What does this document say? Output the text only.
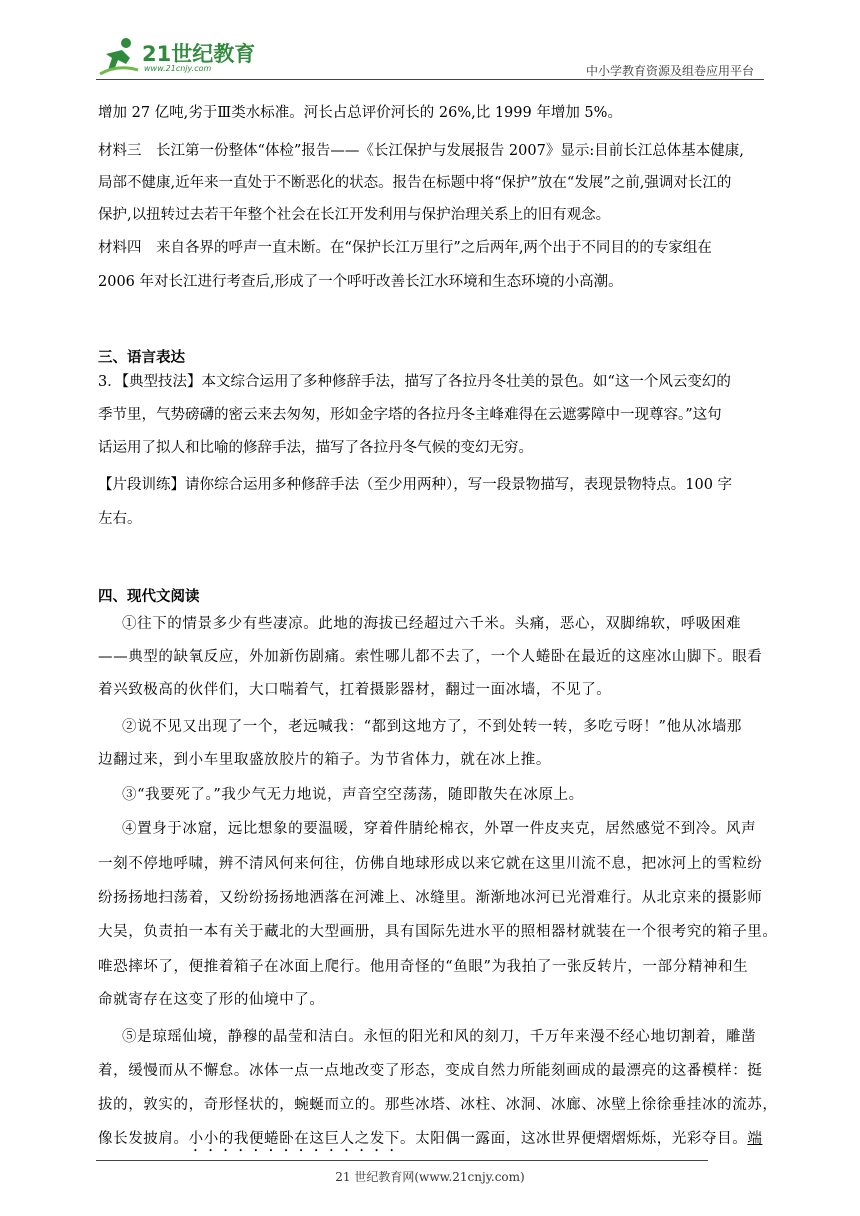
21世纪教育
www.21cnjy.com	中小学教育资源及组卷应用平台
增加 27 亿吨,劣于Ⅲ类水标准。河长占总评价河长的 26%,比 1999 年增加 5%。
材料三　长江第一份整体“体检”报告——《长江保护与发展报告 2007》显示:目前长江总体基本健康,
局部不健康,近年来一直处于不断恶化的状态。报告在标题中将“保护”放在“发展”之前,强调对长江的
保护,以扭转过去若干年整个社会在长江开发利用与保护治理关系上的旧有观念。
材料四　来自各界的呼声一直未断。在“保护长江万里行”之后两年,两个出于不同目的的专家组在
2006 年对长江进行考查后,形成了一个呼吁改善长江水环境和生态环境的小高潮。
三、语言表达
3．【典型技法】本文综合运用了多种修辞手法，描写了各拉丹冬壮美的景色。如“这一个风云变幻的
季节里，气势磅礴的密云来去匆匆，形如金字塔的各拉丹冬主峰难得在云遮雾障中一现尊容。”这句
话运用了拟人和比喻的修辞手法，描写了各拉丹冬气候的变幻无穷。
【片段训练】请你综合运用多种修辞手法（至少用两种），写一段景物描写，表现景物特点。100 字
左右。
四、现代文阅读
①往下的情景多少有些凄凉。此地的海拔已经超过六千米。头痛，恶心，双脚绵软，呼吸困难
——典型的缺氧反应，外加新伤剧痛。索性哪儿都不去了，一个人蜷卧在最近的这座冰山脚下。眼看
着兴致极高的伙伴们，大口喘着气，扛着摄影器材，翻过一面冰墙，不见了。
②说不见又出现了一个，老远喊我：“都到这地方了，不到处转一转，多吃亏呀！”他从冰墙那
边翻过来，到小车里取盛放胶片的箱子。为节省体力，就在冰上推。
③“我要死了。”我少气无力地说，声音空空荡荡，随即散失在冰原上。
④置身于冰窟，远比想象的要温暖，穿着件腈纶棉衣，外罩一件皮夹克，居然感觉不到冷。风声
一刻不停地呼啸，辨不清风何来何往，仿佛自地球形成以来它就在这里川流不息，把冰河上的雪粒纷
纷扬扬地扫荡着，又纷纷扬扬地洒落在河滩上、冰缝里。渐渐地冰河已光滑难行。从北京来的摄影师
大吴，负责拍一本有关于藏北的大型画册，具有国际先进水平的照相器材就装在一个很考究的箱子里。
唯恐摔坏了，便推着箱子在冰面上爬行。他用奇怪的“鱼眼”为我拍了一张反转片，一部分精神和生
命就寄存在这变了形的仙境中了。
⑤是琼瑶仙境，静穆的晶莹和洁白。永恒的阳光和风的刻刀，千万年来漫不经心地切割着，雕凿
着，缓慢而从不懈怠。冰体一点一点地改变了形态，变成自然力所能刻画成的最漂亮的这番模样：挺
拔的，敦实的，奇形怪状的，蜿蜒而立的。那些冰塔、冰柱、冰洞、冰廊、冰壁上徐徐垂挂冰的流苏，
像长发披肩。小小的我便蜷卧在这巨人之发下。太阳偶一露面，这冰世界便熠熠烁烁，光彩夺目。端
21 世纪教育网(www.21cnjy.com)
